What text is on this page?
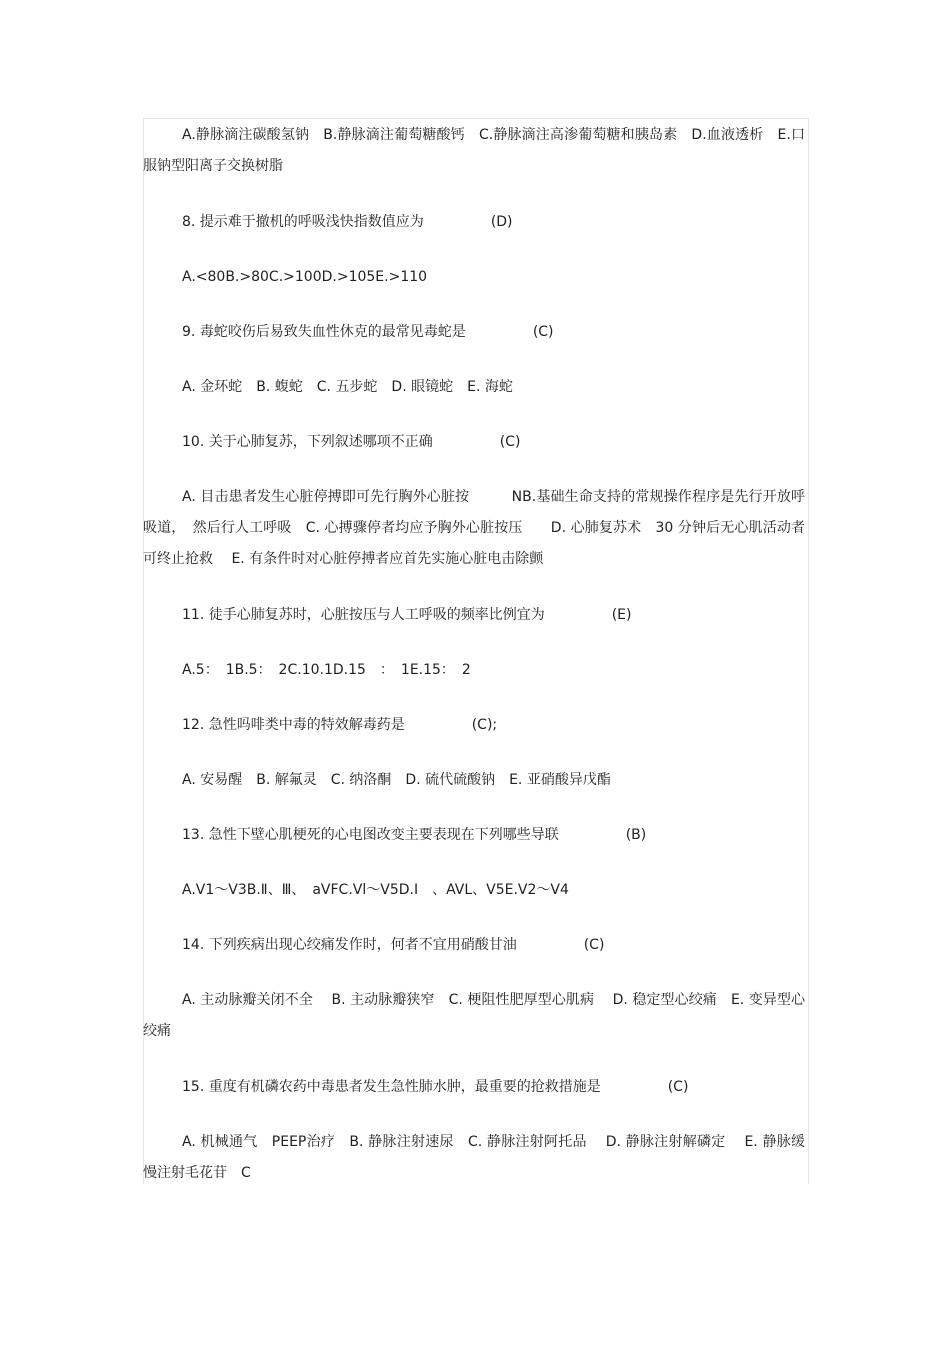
A.静脉滴注碳酸氢钠　B.静脉滴注葡萄糖酸钙　C.静脉滴注高渗葡萄糖和胰岛素　D.血液透析　E.口服钠型阳离子交换树脂
8. 提示难于撤机的呼吸浅快指数值应为	(D)
A.<80B.>80C.>100D.>105E.>110
9. 毒蛇咬伤后易致失血性休克的最常见毒蛇是	(C)
A. 金环蛇　B. 蝮蛇　C. 五步蛇　D. 眼镜蛇　E. 海蛇
10. 关于心肺复苏，下列叙述哪项不正确	(C)
A. 目击患者发生心脏停搏即可先行胸外心脏按　　　NB.基础生命支持的常规操作程序是先行开放呼吸道，　然后行人工呼吸　C. 心搏骤停者均应予胸外心脏按压　　D. 心肺复苏术　30 分钟后无心肌活动者可终止抢救　 E. 有条件时对心脏停搏者应首先实施心脏电击除颤
11. 徒手心肺复苏时，心脏按压与人工呼吸的频率比例宜为	(E)
A.5：　1B.5：　2C.10.1D.15　：　1E.15：　2
12. 急性吗啡类中毒的特效解毒药是	(C);
A. 安易醒　B. 解氟灵　C. 纳洛酮　D. 硫代硫酸钠　E. 亚硝酸异戊酯
13. 急性下壁心肌梗死的心电图改变主要表现在下列哪些导联	(B)
A.V1～V3B.Ⅱ、Ⅲ、　aVFC.Vl～V5D.I　、AVL、V5E.V2～V4
14. 下列疾病出现心绞痛发作时，何者不宜用硝酸甘油	(C)
A. 主动脉瓣关闭不全　 B. 主动脉瓣狭窄　C. 梗阻性肥厚型心肌病　 D. 稳定型心绞痛　E. 变异型心绞痛
15. 重度有机磷农药中毒患者发生急性肺水肿，最重要的抢救措施是	(C)
A. 机械通气　PEEP治疗　B. 静脉注射速尿　C. 静脉注射阿托品　 D. 静脉注射解磷定　 E. 静脉缓慢注射毛花苷　C
